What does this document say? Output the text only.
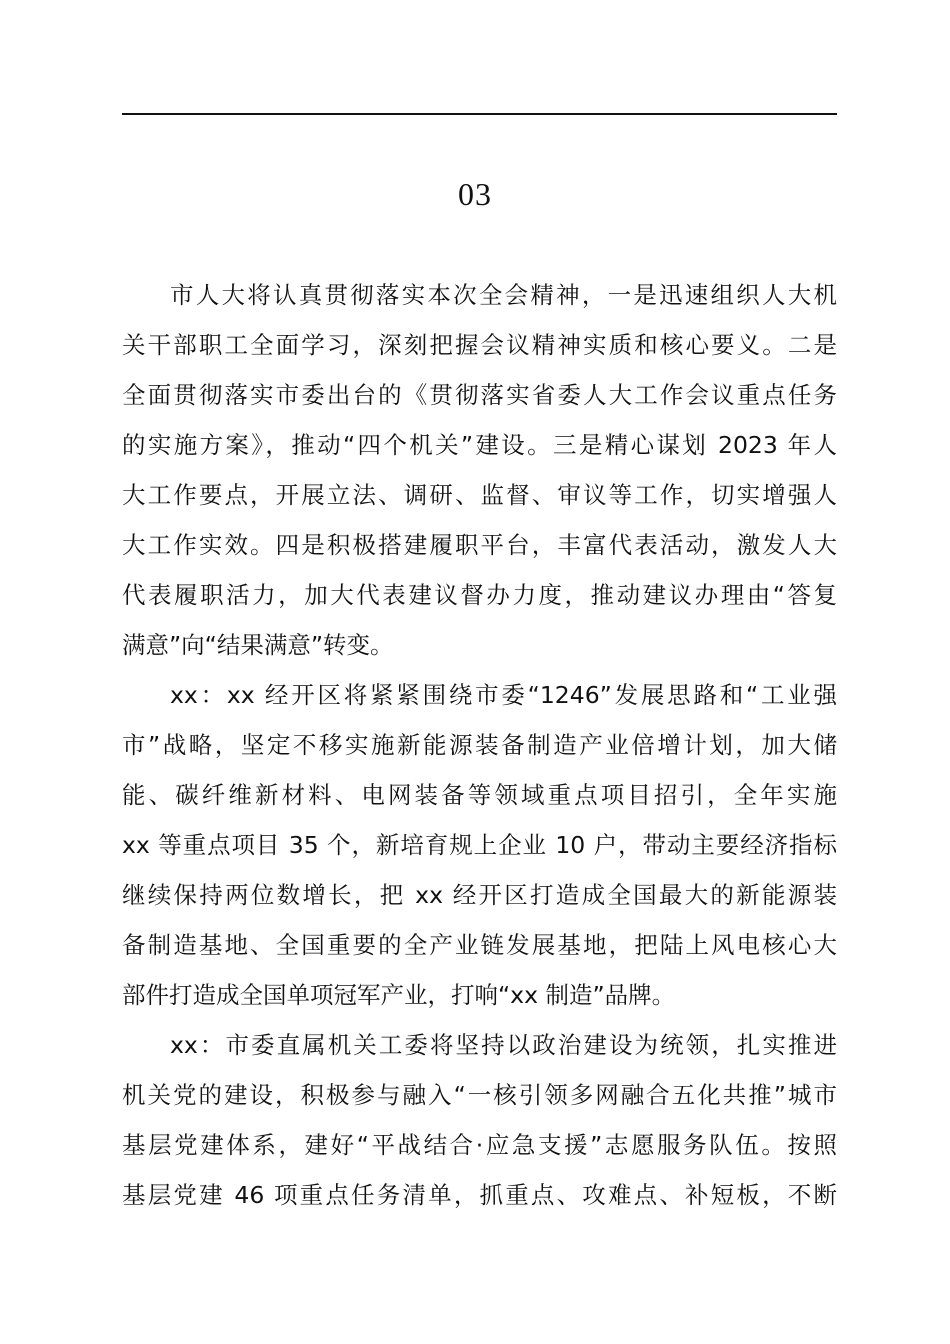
03
市人大将认真贯彻落实本次全会精神，一是迅速组织人大机
关干部职工全面学习，深刻把握会议精神实质和核心要义。二是
全面贯彻落实市委出台的《贯彻落实省委人大工作会议重点任务
的实施方案》，推动“四个机关”建设。三是精心谋划 2023 年人
大工作要点，开展立法、调研、监督、审议等工作，切实增强人
大工作实效。四是积极搭建履职平台，丰富代表活动，激发人大
代表履职活力，加大代表建议督办力度，推动建议办理由“答复
满意”向“结果满意”转变。
xx：xx 经开区将紧紧围绕市委“1246”发展思路和“工业强
市”战略，坚定不移实施新能源装备制造产业倍增计划，加大储
能、碳纤维新材料、电网装备等领域重点项目招引，全年实施
xx 等重点项目 35 个，新培育规上企业 10 户，带动主要经济指标
继续保持两位数增长，把 xx 经开区打造成全国最大的新能源装
备制造基地、全国重要的全产业链发展基地，把陆上风电核心大
部件打造成全国单项冠军产业，打响“xx 制造”品牌。
xx：市委直属机关工委将坚持以政治建设为统领，扎实推进
机关党的建设，积极参与融入“一核引领多网融合五化共推”城市
基层党建体系，建好“平战结合·应急支援”志愿服务队伍。按照
基层党建 46 项重点任务清单，抓重点、攻难点、补短板，不断
